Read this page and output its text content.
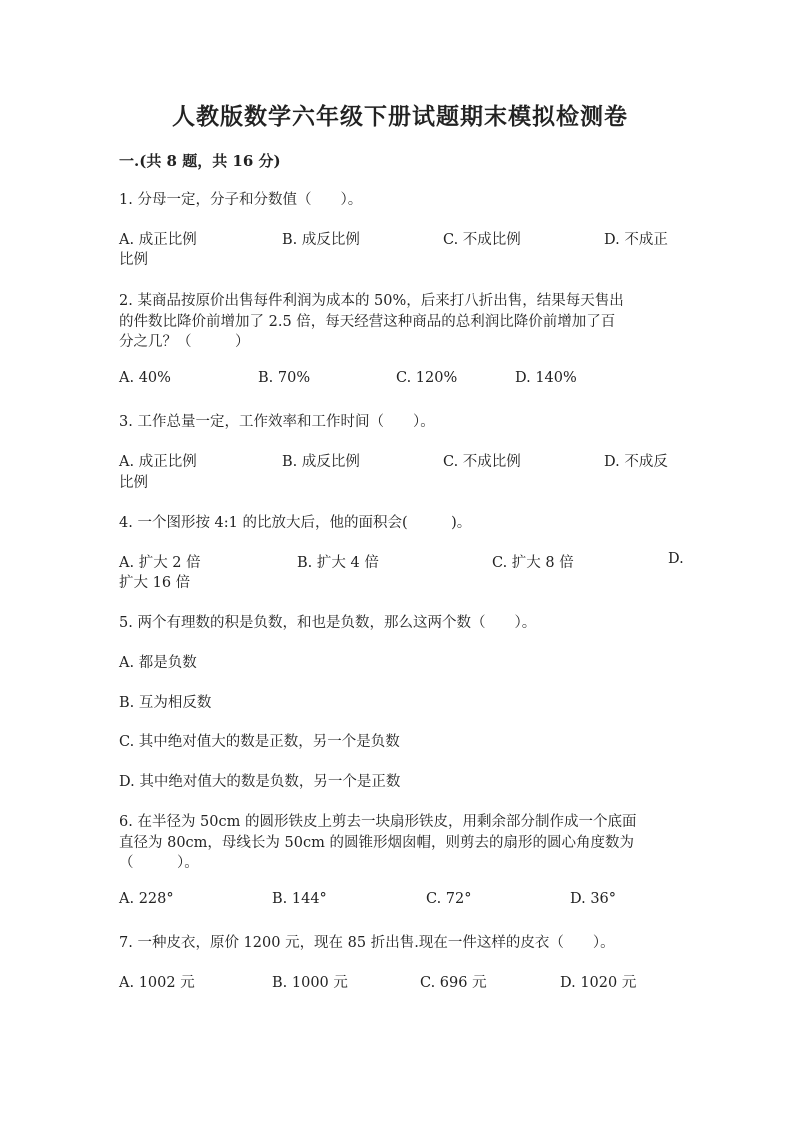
人教版数学六年级下册试题期末模拟检测卷
一.(共 8 题，共 16 分)
1. 分母一定，分子和分数值（　　）。
A. 成正比例	B. 成反比例	C. 不成比例	D. 不成正
比例
2. 某商品按原价出售每件利润为成本的 50%，后来打八折出售，结果每天售出
的件数比降价前增加了 2.5 倍，每天经营这种商品的总利润比降价前增加了百
分之几？（　　　）
A. 40%	B. 70%	C. 120%	D. 140%
3. 工作总量一定，工作效率和工作时间（　　）。
A. 成正比例	B. 成反比例	C. 不成比例	D. 不成反
比例
4. 一个图形按 4:1 的比放大后，他的面积会(　　　)。
A. 扩大 2 倍	B. 扩大 4 倍	C. 扩大 8 倍	D.
扩大 16 倍
5. 两个有理数的积是负数，和也是负数，那么这两个数（　　）。
A. 都是负数
B. 互为相反数
C. 其中绝对值大的数是正数，另一个是负数
D. 其中绝对值大的数是负数，另一个是正数
6. 在半径为 50cm 的圆形铁皮上剪去一块扇形铁皮，用剩余部分制作成一个底面
直径为 80cm，母线长为 50cm 的圆锥形烟囱帽，则剪去的扇形的圆心角度数为
（　　　）。
A. 228°	B. 144°	C. 72°	D. 36°
7. 一种皮衣，原价 1200 元，现在 85 折出售.现在一件这样的皮衣（　　）。
A. 1002 元	B. 1000 元	C. 696 元	D. 1020 元
